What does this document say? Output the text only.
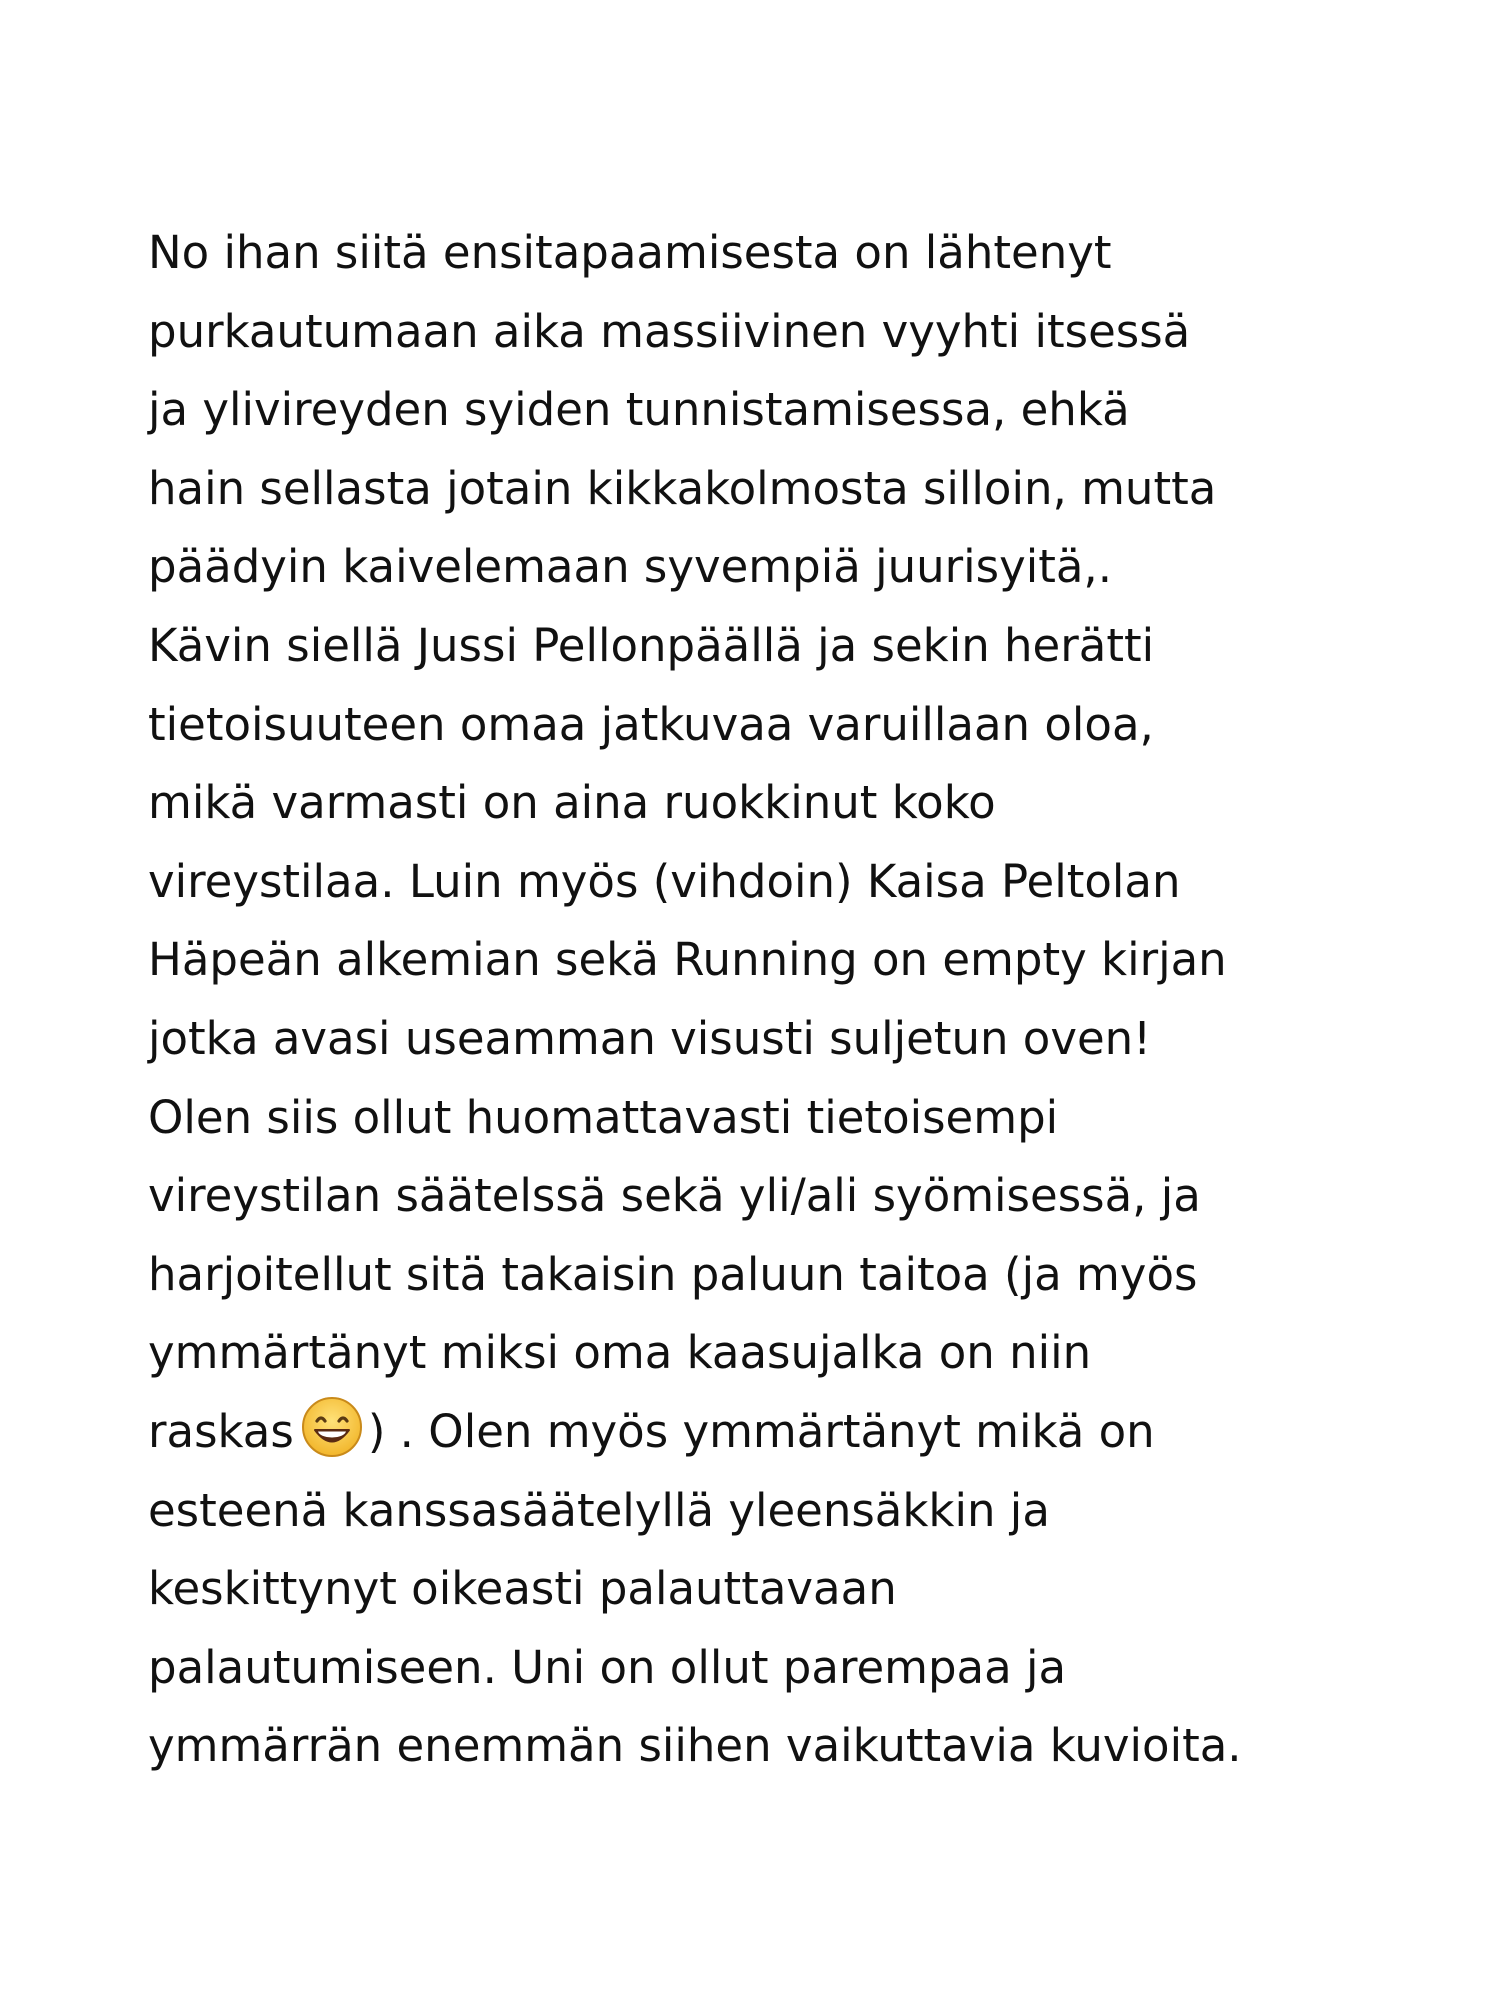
No ihan siitä ensitapaamisesta on lähtenyt
purkautumaan aika massiivinen vyyhti itsessä
ja ylivireyden syiden tunnistamisessa, ehkä
hain sellasta jotain kikkakolmosta silloin, mutta
päädyin kaivelemaan syvempiä juurisyitä,.
Kävin siellä Jussi Pellonpäällä ja sekin herätti
tietoisuuteen omaa jatkuvaa varuillaan oloa,
mikä varmasti on aina ruokkinut koko
vireystilaa. Luin myös (vihdoin) Kaisa Peltolan
Häpeän alkemian sekä Running on empty kirjan
jotka avasi useamman visusti suljetun oven!
Olen siis ollut huomattavasti tietoisempi
vireystilan säätelssä sekä yli/ali syömisessä, ja
harjoitellut sitä takaisin paluun taitoa (ja myös
ymmärtänyt miksi oma kaasujalka on niin
raskas ) . Olen myös ymmärtänyt mikä on
esteenä kanssasäätelyllä yleensäkkin ja
keskittynyt oikeasti palauttavaan
palautumiseen. Uni on ollut parempaa ja
ymmärrän enemmän siihen vaikuttavia kuvioita.
